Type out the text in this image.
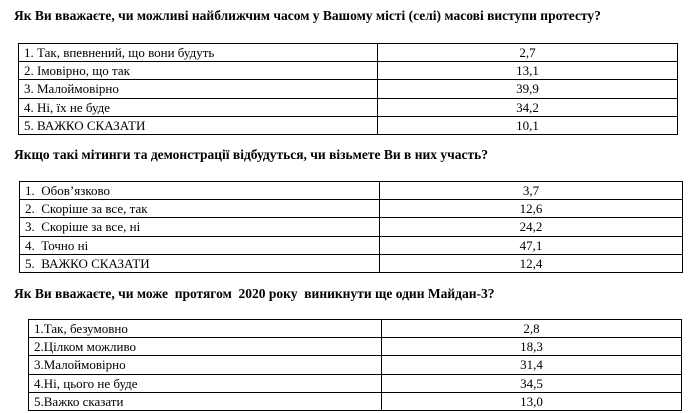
Як Ви вважаєте, чи можливі найближчим часом у Вашому місті (селі) масові виступи протесту?
1. Так, впевнений, що вони будуть	2,7
2. Імовірно, що так	13,1
3. Малоймовірно	39,9
4. Ні, їх не буде	34,2
5. ВАЖКО СКАЗАТИ	10,1
Якщо такі мітинги та демонстрації відбудуться, чи візьмете Ви в них участь?
1.  Обов’язково	3,7
2.  Скоріше за все, так	12,6
3.  Скоріше за все, ні	24,2
4.  Точно ні	47,1
5.  ВАЖКО СКАЗАТИ	12,4
Як Ви вважаєте, чи може  протягом  2020 року  виникнути ще один Майдан-3?
1.Так, безумовно	2,8
2.Цілком можливо	18,3
3.Малоймовірно	31,4
4.Ні, цього не буде	34,5
5.Важко сказати	13,0
